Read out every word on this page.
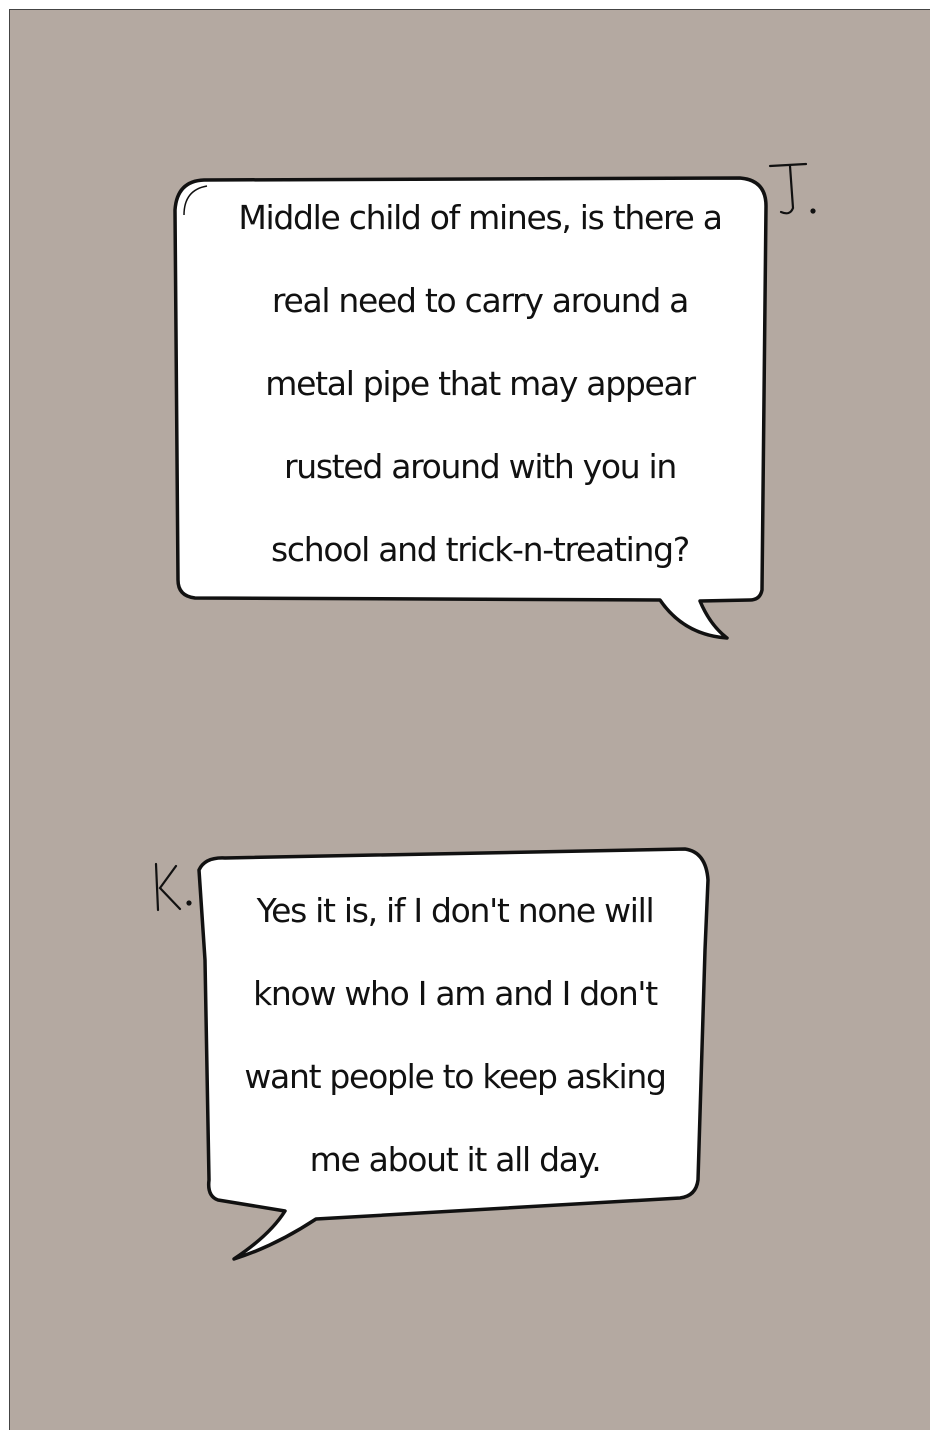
Middle child of mines, is there a
real need to carry around a
metal pipe that may appear
rusted around with you in
school and trick-n-treating?
Yes it is, if I don't none will
know who I am and I don't
want people to keep asking
me about it all day.
